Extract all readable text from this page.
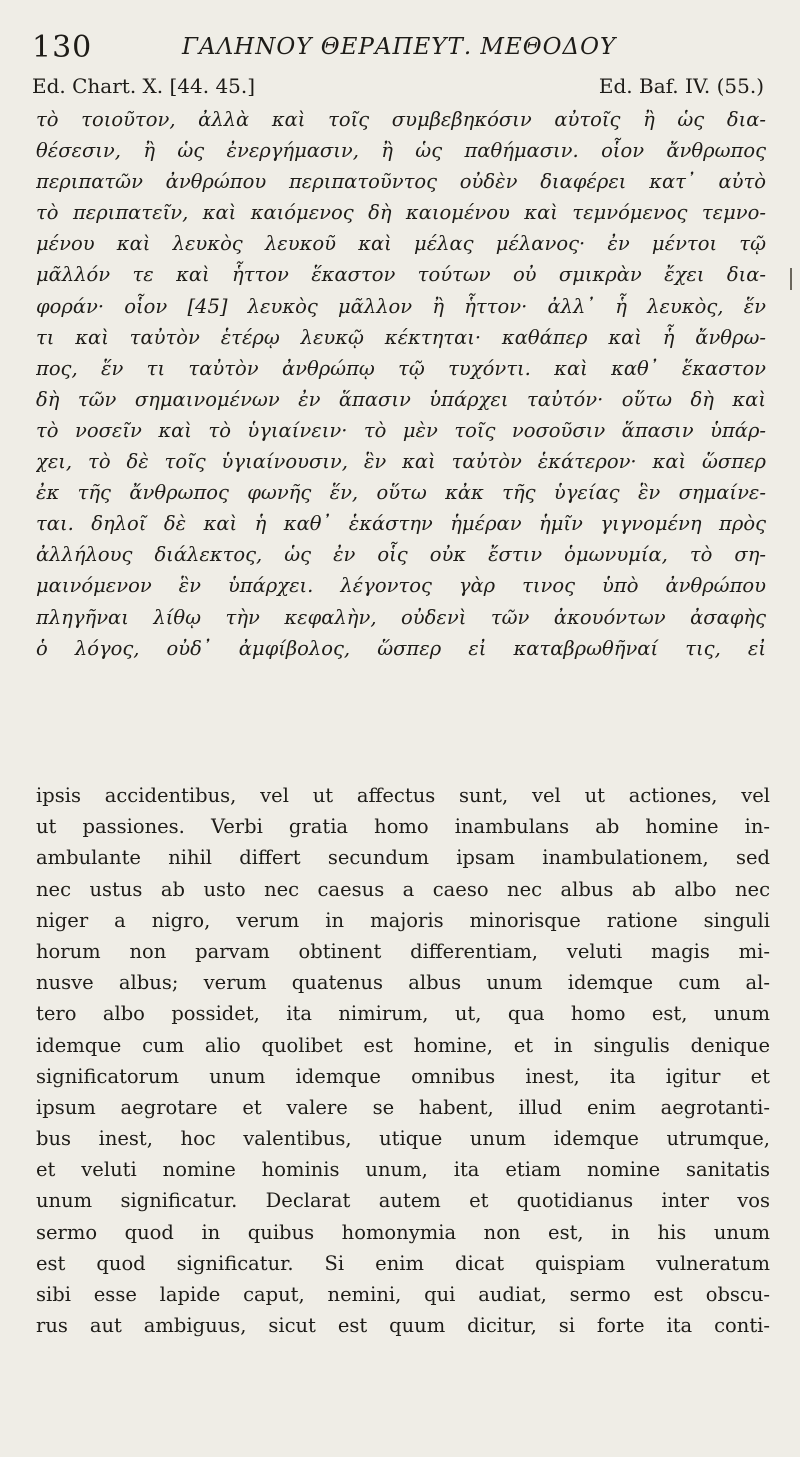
130	ΓΑΛΗΝΟΥ ΘΕΡΑΠΕΥΤ. ΜΕΘΟΔΟΥ
Ed. Chart. X. [44. 45.]	Ed. Baf. IV. (55.)
τὸ τοιοῦτον, ἀλλὰ καὶ τοῖς συμβεβηκόσιν αὐτοῖς ἢ ὡς δια-
θέσεσιν, ἢ ὡς ἐνεργήμασιν, ἢ ὡς παθήμασιν. οἷον ἄνθρωπος
περιπατῶν ἀνθρώπου περιπατοῦντος οὐδὲν διαφέρει κατ᾿ αὐτὸ
τὸ περιπατεῖν, καὶ καιόμενος δὴ καιομένου καὶ τεμνόμενος τεμνο-
μένου καὶ λευκὸς λευκοῦ καὶ μέλας μέλανος· ἐν μέντοι τῷ
μᾶλλόν τε καὶ ἧττον ἕκαστον τούτων οὐ σμικρὰν ἔχει δια-
φοράν· οἷον [45] λευκὸς μᾶλλον ἢ ἧττον· ἀλλ᾿ ἧ λευκὸς, ἕν
τι καὶ ταὐτὸν ἑτέρῳ λευκῷ κέκτηται· καθάπερ καὶ ἧ ἄνθρω-
πος, ἕν τι ταὐτὸν ἀνθρώπῳ τῷ τυχόντι. καὶ καθ᾿ ἕκαστον
δὴ τῶν σημαινομένων ἐν ἅπασιν ὑπάρχει ταὐτόν· οὕτω δὴ καὶ
τὸ νοσεῖν καὶ τὸ ὑγιαίνειν· τὸ μὲν τοῖς νοσοῦσιν ἅπασιν ὑπάρ-
χει, τὸ δὲ τοῖς ὑγιαίνουσιν, ἓν καὶ ταὐτὸν ἑκάτερον· καὶ ὥσπερ
ἐκ τῆς ἄνθρωπος φωνῆς ἕν, οὕτω κἀκ τῆς ὑγείας ἓν σημαίνε-
ται. δηλοῖ δὲ καὶ ἡ καθ᾿ ἑκάστην ἡμέραν ἡμῖν γιγνομένη πρὸς
ἀλλήλους διάλεκτος, ὡς ἐν οἷς οὐκ ἔστιν ὁμωνυμία, τὸ ση-
μαινόμενον ἓν ὑπάρχει. λέγοντος γὰρ τινος ὑπὸ ἀνθρώπου
πληγῆναι λίθῳ τὴν κεφαλὴν, οὐδενὶ τῶν ἀκουόντων ἀσαφὴς
ὁ λόγος, οὐδ᾿ ἀμφίβολος, ὥσπερ εἰ καταβρωθῆναί τις, εἰ
ipsis accidentibus, vel ut affectus sunt, vel ut actiones, vel
ut passiones. Verbi gratia homo inambulans ab homine in-
ambulante nihil differt secundum ipsam inambulationem, sed
nec ustus ab usto nec caesus a caeso nec albus ab albo nec
niger a nigro, verum in majoris minorisque ratione singuli
horum non parvam obtinent differentiam, veluti magis mi-
nusve albus; verum quatenus albus unum idemque cum al-
tero albo possidet, ita nimirum, ut, qua homo est, unum
idemque cum alio quolibet est homine, et in singulis denique
significatorum unum idemque omnibus inest, ita igitur et
ipsum aegrotare et valere se habent, illud enim aegrotanti-
bus inest, hoc valentibus, utique unum idemque utrumque,
et veluti nomine hominis unum, ita etiam nomine sanitatis
unum significatur. Declarat autem et quotidianus inter vos
sermo quod in quibus homonymia non est, in his unum
est quod significatur. Si enim dicat quispiam vulneratum
sibi esse lapide caput, nemini, qui audiat, sermo est obscu-
rus aut ambiguus, sicut est quum dicitur, si forte ita conti-
